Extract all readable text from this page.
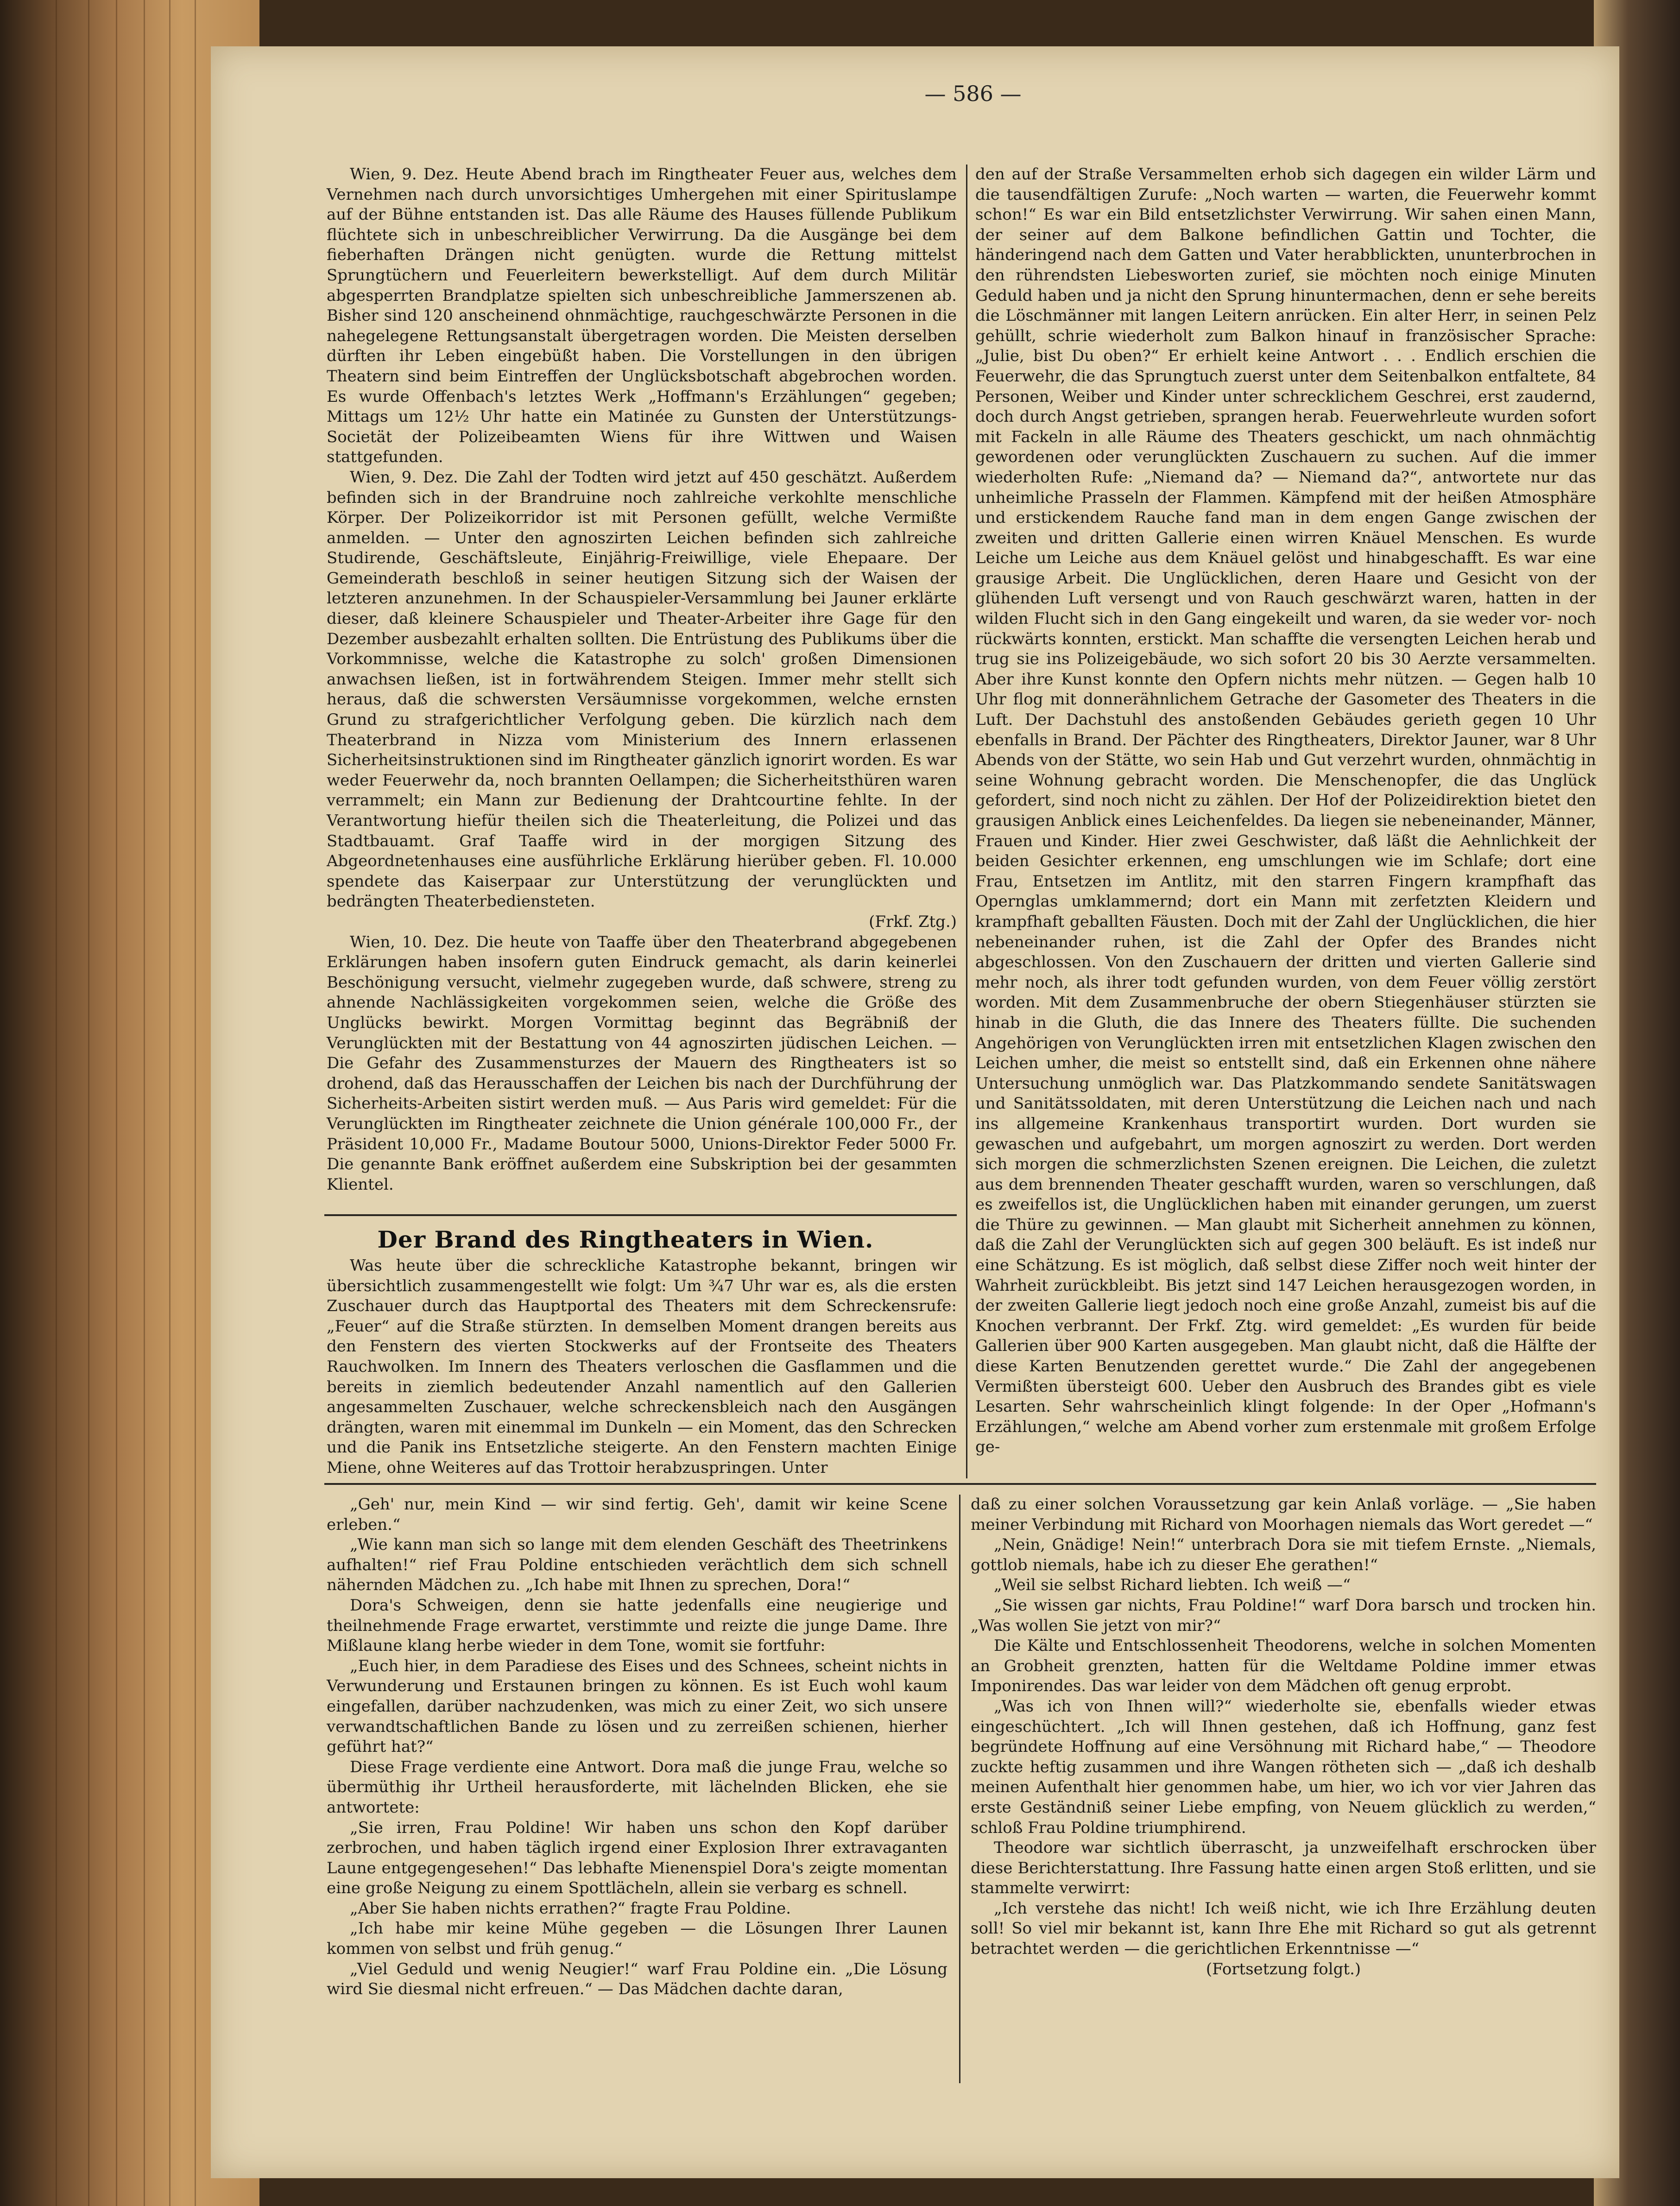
— 586 —

Wien, 9. Dez. Heute Abend brach im Ringtheater Feuer aus, welches dem Vernehmen nach durch unvorsichtiges Umhergehen mit einer Spirituslampe auf der Bühne entstanden ist. Das alle Räume des Hauses füllende Publikum flüchtete sich in unbeschreiblicher Verwirrung. Da die Ausgänge bei dem fieberhaften Drängen nicht genügten. wurde die Rettung mittelst Sprungtüchern und Feuerleitern bewerkstelligt. Auf dem durch Militär abgesperrten Brandplatze spielten sich unbeschreibliche Jammerszenen ab. Bisher sind 120 anscheinend ohnmächtige, rauchgeschwärzte Personen in die nahegelegene Rettungsanstalt übergetragen worden. Die Meisten derselben dürften ihr Leben eingebüßt haben. Die Vorstellungen in den übrigen Theatern sind beim Eintreffen der Unglücksbotschaft abgebrochen worden. Es wurde Offenbach's letztes Werk „Hoffmann's Erzählungen“ gegeben; Mittags um 12½ Uhr hatte ein Matinée zu Gunsten der Unterstützungs-Societät der Polizeibeamten Wiens für ihre Wittwen und Waisen stattgefunden.

Wien, 9. Dez. Die Zahl der Todten wird jetzt auf 450 geschätzt. Außerdem befinden sich in der Brandruine noch zahlreiche verkohlte menschliche Körper. Der Polizeikorridor ist mit Personen gefüllt, welche Vermißte anmelden. — Unter den agnoszirten Leichen befinden sich zahlreiche Studirende, Geschäftsleute, Einjährig-Freiwillige, viele Ehepaare. Der Gemeinderath beschloß in seiner heutigen Sitzung sich der Waisen der letzteren anzunehmen. In der Schauspieler-Versammlung bei Jauner erklärte dieser, daß kleinere Schauspieler und Theater-Arbeiter ihre Gage für den Dezember ausbezahlt erhalten sollten. Die Entrüstung des Publikums über die Vorkommnisse, welche die Katastrophe zu solch' großen Dimensionen anwachsen ließen, ist in fortwährendem Steigen. Immer mehr stellt sich heraus, daß die schwersten Versäumnisse vorgekommen, welche ernsten Grund zu strafgerichtlicher Verfolgung geben. Die kürzlich nach dem Theaterbrand in Nizza vom Ministerium des Innern erlassenen Sicherheitsinstruktionen sind im Ringtheater gänzlich ignorirt worden. Es war weder Feuerwehr da, noch brannten Oellampen; die Sicherheitsthüren waren verrammelt; ein Mann zur Bedienung der Drahtcourtine fehlte. In der Verantwortung hiefür theilen sich die Theaterleitung, die Polizei und das Stadtbauamt. Graf Taaffe wird in der morgigen Sitzung des Abgeordnetenhauses eine ausführliche Erklärung hierüber geben. Fl. 10.000 spendete das Kaiserpaar zur Unterstützung der verunglückten und bedrängten Theaterbediensteten.

(Frkf. Ztg.)

Wien, 10. Dez. Die heute von Taaffe über den Theaterbrand abgegebenen Erklärungen haben insofern guten Eindruck gemacht, als darin keinerlei Beschönigung versucht, vielmehr zugegeben wurde, daß schwere, streng zu ahnende Nachlässigkeiten vorgekommen seien, welche die Größe des Unglücks bewirkt. Morgen Vormittag beginnt das Begräbniß der Verunglückten mit der Bestattung von 44 agnoszirten jüdischen Leichen. — Die Gefahr des Zusammensturzes der Mauern des Ringtheaters ist so drohend, daß das Herausschaffen der Leichen bis nach der Durchführung der Sicherheits-Arbeiten sistirt werden muß. — Aus Paris wird gemeldet: Für die Verunglückten im Ringtheater zeichnete die Union générale 100,000 Fr., der Präsident 10,000 Fr., Madame Boutour 5000, Unions-Direktor Feder 5000 Fr. Die genannte Bank eröffnet außerdem eine Subskription bei der gesammten Klientel.

Der Brand des Ringtheaters in Wien.

Was heute über die schreckliche Katastrophe bekannt, bringen wir übersichtlich zusammengestellt wie folgt: Um ¾7 Uhr war es, als die ersten Zuschauer durch das Hauptportal des Theaters mit dem Schreckensrufe: „Feuer“ auf die Straße stürzten. In demselben Moment drangen bereits aus den Fenstern des vierten Stockwerks auf der Frontseite des Theaters Rauchwolken. Im Innern des Theaters verloschen die Gasflammen und die bereits in ziemlich bedeutender Anzahl namentlich auf den Gallerien angesammelten Zuschauer, welche schreckensbleich nach den Ausgängen drängten, waren mit einemmal im Dunkeln — ein Moment, das den Schrecken und die Panik ins Entsetzliche steigerte. An den Fenstern machten Einige Miene, ohne Weiteres auf das Trottoir herabzuspringen. Unter

den auf der Straße Versammelten erhob sich dagegen ein wilder Lärm und die tausendfältigen Zurufe: „Noch warten — warten, die Feuerwehr kommt schon!“ Es war ein Bild entsetzlichster Verwirrung. Wir sahen einen Mann, der seiner auf dem Balkone befindlichen Gattin und Tochter, die händeringend nach dem Gatten und Vater herabblickten, ununterbrochen in den rührendsten Liebesworten zurief, sie möchten noch einige Minuten Geduld haben und ja nicht den Sprung hinuntermachen, denn er sehe bereits die Löschmänner mit langen Leitern anrücken. Ein alter Herr, in seinen Pelz gehüllt, schrie wiederholt zum Balkon hinauf in französischer Sprache: „Julie, bist Du oben?“ Er erhielt keine Antwort . . . Endlich erschien die Feuerwehr, die das Sprungtuch zuerst unter dem Seitenbalkon entfaltete, 84 Personen, Weiber und Kinder unter schrecklichem Geschrei, erst zaudernd, doch durch Angst getrieben, sprangen herab. Feuerwehrleute wurden sofort mit Fackeln in alle Räume des Theaters geschickt, um nach ohnmächtig gewordenen oder verunglückten Zuschauern zu suchen. Auf die immer wiederholten Rufe: „Niemand da? — Niemand da?“, antwortete nur das unheimliche Prasseln der Flammen. Kämpfend mit der heißen Atmosphäre und erstickendem Rauche fand man in dem engen Gange zwischen der zweiten und dritten Gallerie einen wirren Knäuel Menschen. Es wurde Leiche um Leiche aus dem Knäuel gelöst und hinabgeschafft. Es war eine grausige Arbeit. Die Unglücklichen, deren Haare und Gesicht von der glühenden Luft versengt und von Rauch geschwärzt waren, hatten in der wilden Flucht sich in den Gang eingekeilt und waren, da sie weder vor- noch rückwärts konnten, erstickt. Man schaffte die versengten Leichen herab und trug sie ins Polizeigebäude, wo sich sofort 20 bis 30 Aerzte versammelten. Aber ihre Kunst konnte den Opfern nichts mehr nützen. — Gegen halb 10 Uhr flog mit donnerähnlichem Getrache der Gasometer des Theaters in die Luft. Der Dachstuhl des anstoßenden Gebäudes gerieth gegen 10 Uhr ebenfalls in Brand. Der Pächter des Ringtheaters, Direktor Jauner, war 8 Uhr Abends von der Stätte, wo sein Hab und Gut verzehrt wurden, ohnmächtig in seine Wohnung gebracht worden. Die Menschenopfer, die das Unglück gefordert, sind noch nicht zu zählen. Der Hof der Polizeidirektion bietet den grausigen Anblick eines Leichenfeldes. Da liegen sie nebeneinander, Männer, Frauen und Kinder. Hier zwei Geschwister, daß läßt die Aehnlichkeit der beiden Gesichter erkennen, eng umschlungen wie im Schlafe; dort eine Frau, Entsetzen im Antlitz, mit den starren Fingern krampfhaft das Opernglas umklammernd; dort ein Mann mit zerfetzten Kleidern und krampfhaft geballten Fäusten. Doch mit der Zahl der Unglücklichen, die hier nebeneinander ruhen, ist die Zahl der Opfer des Brandes nicht abgeschlossen. Von den Zuschauern der dritten und vierten Gallerie sind mehr noch, als ihrer todt gefunden wurden, von dem Feuer völlig zerstört worden. Mit dem Zusammenbruche der obern Stiegenhäuser stürzten sie hinab in die Gluth, die das Innere des Theaters füllte. Die suchenden Angehörigen von Verunglückten irren mit entsetzlichen Klagen zwischen den Leichen umher, die meist so entstellt sind, daß ein Erkennen ohne nähere Untersuchung unmöglich war. Das Platzkommando sendete Sanitätswagen und Sanitätssoldaten, mit deren Unterstützung die Leichen nach und nach ins allgemeine Krankenhaus transportirt wurden. Dort wurden sie gewaschen und aufgebahrt, um morgen agnoszirt zu werden. Dort werden sich morgen die schmerzlichsten Szenen ereignen. Die Leichen, die zuletzt aus dem brennenden Theater geschafft wurden, waren so verschlungen, daß es zweifellos ist, die Unglücklichen haben mit einander gerungen, um zuerst die Thüre zu gewinnen. — Man glaubt mit Sicherheit annehmen zu können, daß die Zahl der Verunglückten sich auf gegen 300 beläuft. Es ist indeß nur eine Schätzung. Es ist möglich, daß selbst diese Ziffer noch weit hinter der Wahrheit zurückbleibt. Bis jetzt sind 147 Leichen herausgezogen worden, in der zweiten Gallerie liegt jedoch noch eine große Anzahl, zumeist bis auf die Knochen verbrannt. Der Frkf. Ztg. wird gemeldet: „Es wurden für beide Gallerien über 900 Karten ausgegeben. Man glaubt nicht, daß die Hälfte der diese Karten Benutzenden gerettet wurde.“ Die Zahl der angegebenen Vermißten übersteigt 600. Ueber den Ausbruch des Brandes gibt es viele Lesarten. Sehr wahrscheinlich klingt folgende: In der Oper „Hofmann's Erzählungen,“ welche am Abend vorher zum erstenmale mit großem Erfolge ge-

„Geh' nur, mein Kind — wir sind fertig. Geh', damit wir keine Scene erleben.“

„Wie kann man sich so lange mit dem elenden Geschäft des Theetrinkens aufhalten!“ rief Frau Poldine entschieden verächtlich dem sich schnell nähernden Mädchen zu. „Ich habe mit Ihnen zu sprechen, Dora!“

Dora's Schweigen, denn sie hatte jedenfalls eine neugierige und theilnehmende Frage erwartet, verstimmte und reizte die junge Dame. Ihre Mißlaune klang herbe wieder in dem Tone, womit sie fortfuhr:

„Euch hier, in dem Paradiese des Eises und des Schnees, scheint nichts in Verwunderung und Erstaunen bringen zu können. Es ist Euch wohl kaum eingefallen, darüber nachzudenken, was mich zu einer Zeit, wo sich unsere verwandtschaftlichen Bande zu lösen und zu zerreißen schienen, hierher geführt hat?“

Diese Frage verdiente eine Antwort. Dora maß die junge Frau, welche so übermüthig ihr Urtheil herausforderte, mit lächelnden Blicken, ehe sie antwortete:

„Sie irren, Frau Poldine! Wir haben uns schon den Kopf darüber zerbrochen, und haben täglich irgend einer Explosion Ihrer extravaganten Laune entgegengesehen!“ Das lebhafte Mienenspiel Dora's zeigte momentan eine große Neigung zu einem Spottlächeln, allein sie verbarg es schnell.

„Aber Sie haben nichts errathen?“ fragte Frau Poldine.

„Ich habe mir keine Mühe gegeben — die Lösungen Ihrer Launen kommen von selbst und früh genug.“

„Viel Geduld und wenig Neugier!“ warf Frau Poldine ein. „Die Lösung wird Sie diesmal nicht erfreuen.“ — Das Mädchen dachte daran,

daß zu einer solchen Voraussetzung gar kein Anlaß vorläge. — „Sie haben meiner Verbindung mit Richard von Moorhagen niemals das Wort geredet —“

„Nein, Gnädige! Nein!“ unterbrach Dora sie mit tiefem Ernste. „Niemals, gottlob niemals, habe ich zu dieser Ehe gerathen!“

„Weil sie selbst Richard liebten. Ich weiß —“

„Sie wissen gar nichts, Frau Poldine!“ warf Dora barsch und trocken hin. „Was wollen Sie jetzt von mir?“

Die Kälte und Entschlossenheit Theodorens, welche in solchen Momenten an Grobheit grenzten, hatten für die Weltdame Poldine immer etwas Imponirendes. Das war leider von dem Mädchen oft genug erprobt.

„Was ich von Ihnen will?“ wiederholte sie, ebenfalls wieder etwas eingeschüchtert. „Ich will Ihnen gestehen, daß ich Hoffnung, ganz fest begründete Hoffnung auf eine Versöhnung mit Richard habe,“ — Theodore zuckte heftig zusammen und ihre Wangen rötheten sich — „daß ich deshalb meinen Aufenthalt hier genommen habe, um hier, wo ich vor vier Jahren das erste Geständniß seiner Liebe empfing, von Neuem glücklich zu werden,“ schloß Frau Poldine triumphirend.

Theodore war sichtlich überrascht, ja unzweifelhaft erschrocken über diese Berichterstattung. Ihre Fassung hatte einen argen Stoß erlitten, und sie stammelte verwirrt:

„Ich verstehe das nicht! Ich weiß nicht, wie ich Ihre Erzählung deuten soll! So viel mir bekannt ist, kann Ihre Ehe mit Richard so gut als getrennt betrachtet werden — die gerichtlichen Erkenntnisse —“

(Fortsetzung folgt.)
